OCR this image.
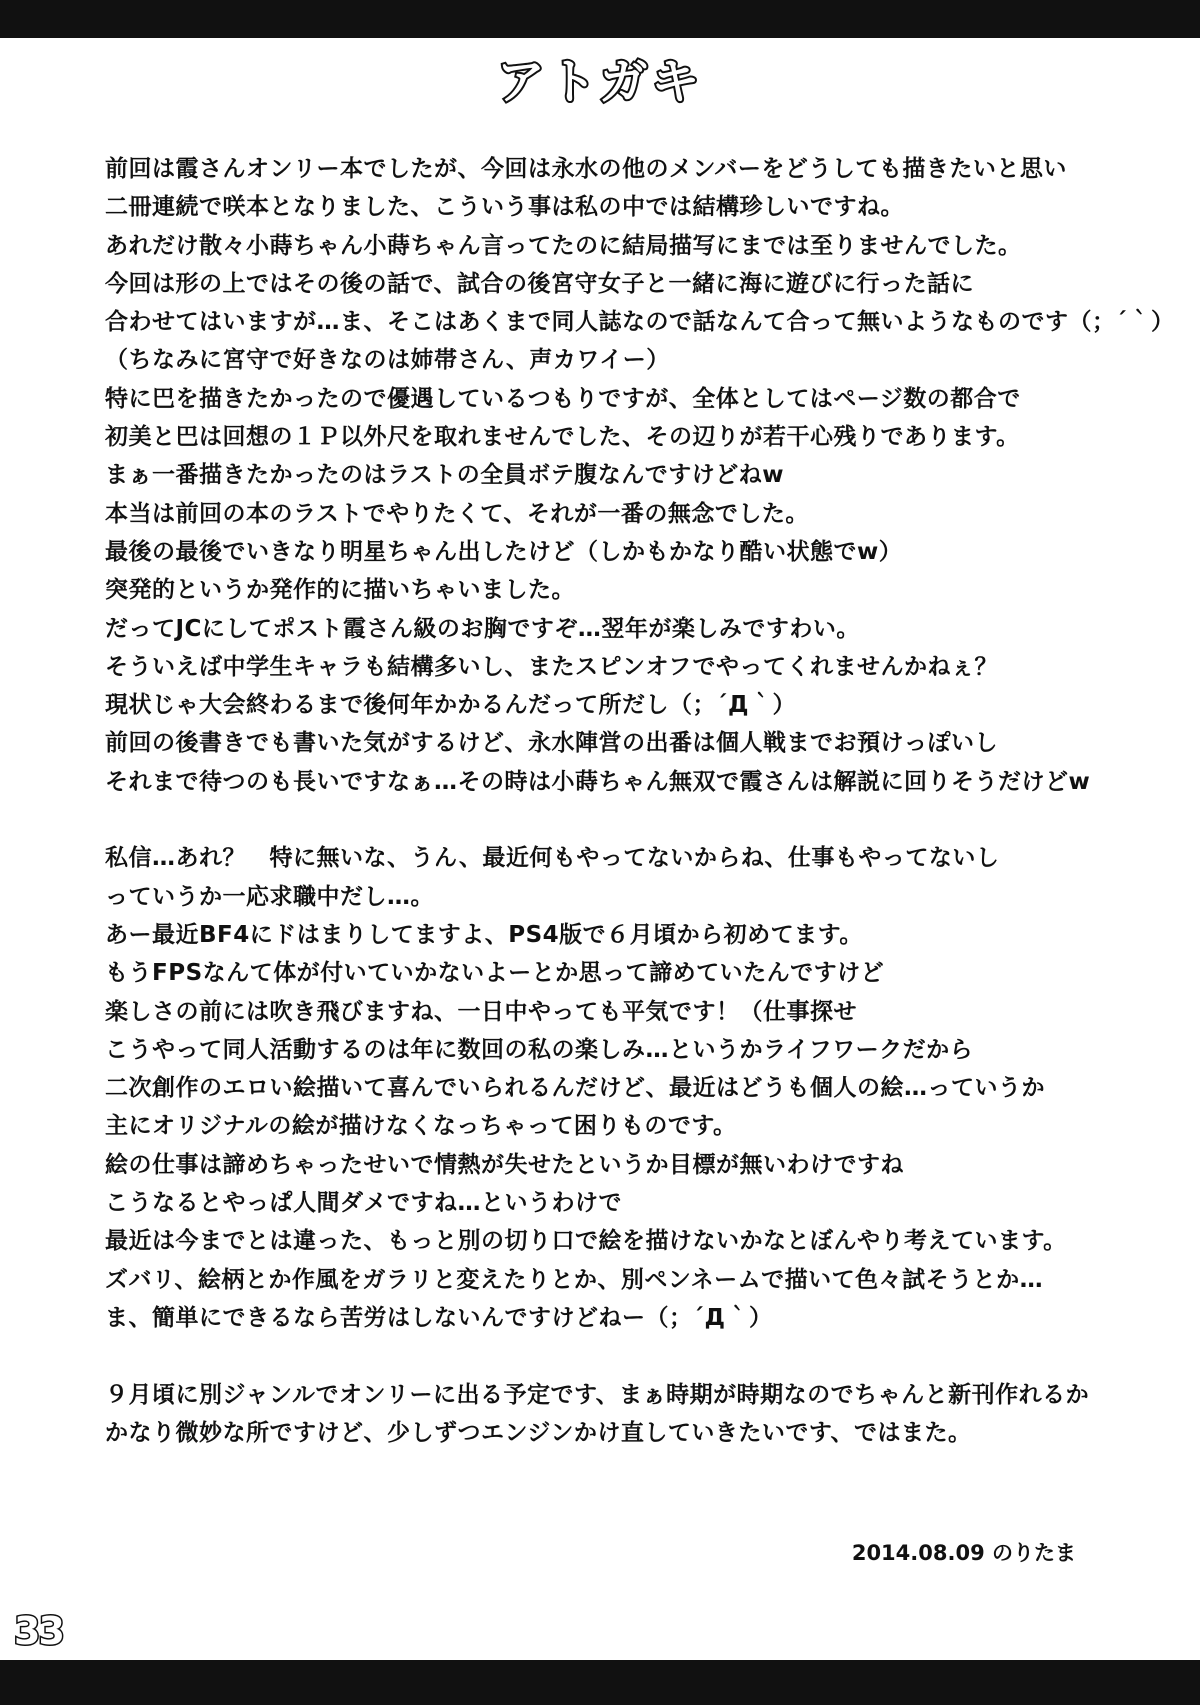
アトガキ
前回は霞さんオンリー本でしたが、今回は永水の他のメンバーをどうしても描きたいと思い
二冊連続で咲本となりました、こういう事は私の中では結構珍しいですね。
あれだけ散々小蒔ちゃん小蒔ちゃん言ってたのに結局描写にまでは至りませんでした。
今回は形の上ではその後の話で、試合の後宮守女子と一緒に海に遊びに行った話に
合わせてはいますが…ま、そこはあくまで同人誌なので話なんて合って無いようなものです（；´｀）
（ちなみに宮守で好きなのは姉帯さん、声カワイー）
特に巴を描きたかったので優遇しているつもりですが、全体としてはページ数の都合で
初美と巴は回想の１Ｐ以外尺を取れませんでした、その辺りが若干心残りであります。
まぁ一番描きたかったのはラストの全員ボテ腹なんですけどねw
本当は前回の本のラストでやりたくて、それが一番の無念でした。
最後の最後でいきなり明星ちゃん出したけど（しかもかなり酷い状態でw）
突発的というか発作的に描いちゃいました。
だってJCにしてポスト霞さん級のお胸ですぞ…翌年が楽しみですわい。
そういえば中学生キャラも結構多いし、またスピンオフでやってくれませんかねぇ？
現状じゃ大会終わるまで後何年かかるんだって所だし（；´Д｀）
前回の後書きでも書いた気がするけど、永水陣営の出番は個人戦までお預けっぽいし
それまで待つのも長いですなぁ…その時は小蒔ちゃん無双で霞さんは解説に回りそうだけどw
私信…あれ？　特に無いな、うん、最近何もやってないからね、仕事もやってないし
っていうか一応求職中だし…。
あー最近BF4にドはまりしてますよ、PS4版で６月頃から初めてます。
もうFPSなんて体が付いていかないよーとか思って諦めていたんですけど
楽しさの前には吹き飛びますね、一日中やっても平気です！（仕事探せ
こうやって同人活動するのは年に数回の私の楽しみ…というかライフワークだから
二次創作のエロい絵描いて喜んでいられるんだけど、最近はどうも個人の絵…っていうか
主にオリジナルの絵が描けなくなっちゃって困りものです。
絵の仕事は諦めちゃったせいで情熱が失せたというか目標が無いわけですね
こうなるとやっぱ人間ダメですね…というわけで
最近は今までとは違った、もっと別の切り口で絵を描けないかなとぼんやり考えています。
ズバリ、絵柄とか作風をガラリと変えたりとか、別ペンネームで描いて色々試そうとか…
ま、簡単にできるなら苦労はしないんですけどねー（；´Д｀）
９月頃に別ジャンルでオンリーに出る予定です、まぁ時期が時期なのでちゃんと新刊作れるか
かなり微妙な所ですけど、少しずつエンジンかけ直していきたいです、ではまた。
2014.08.09 のりたま
33
